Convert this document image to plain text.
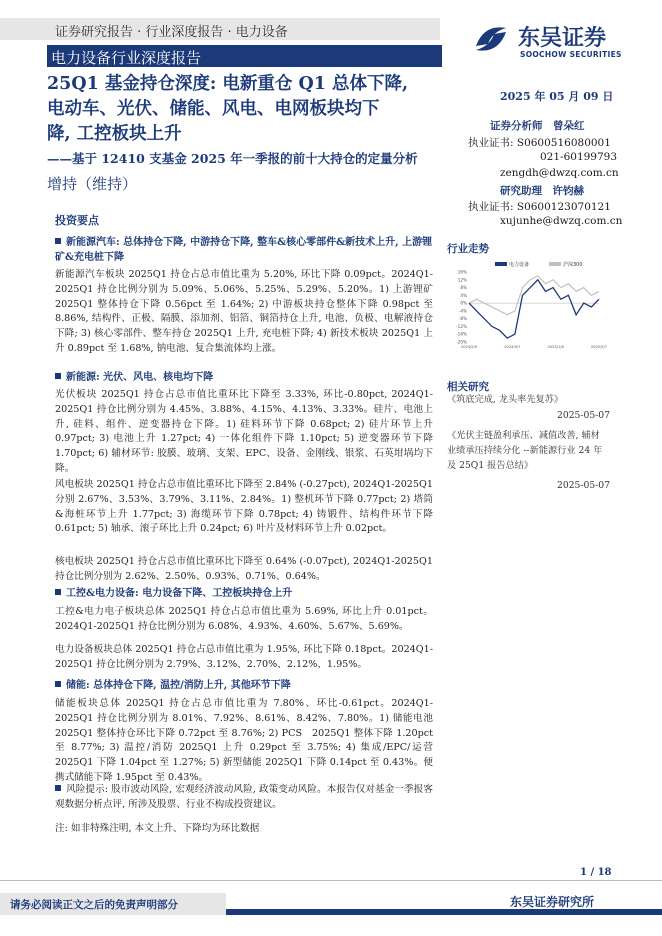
证券研究报告 · 行业深度报告 · 电力设备	东吴证券
SOOCHOW SECURITIES
电力设备行业深度报告
25Q1 基金持仓深度: 电新重仓 Q1 总体下降,
电动车、光伏、储能、风电、电网板块均下
降, 工控板块上升
——基于 12410 支基金 2025 年一季报的前十大持仓的定量分析
增持（维持）
2025 年 05 月 09 日
证券分析师　曾朵红
执业证书: S0600516080001
021-60199793
zengdh@dwzq.com.cn
研究助理　许钧赫
执业证书: S0600123070121
xujunhe@dwzq.com.cn
投资要点
新能源汽车: 总体持仓下降, 中游持仓下降, 整车&核心零部件&新技术上升, 上游锂矿&充电桩下降
新能源汽车板块 2025Q1 持仓占总市值比重为 5.20%, 环比下降 0.09pct。2024Q1-2025Q1 持仓比例分别为 5.09%、5.06%、5.25%、5.29%、5.20%。1) 上游锂矿 2025Q1 整体持仓下降 0.56pct 至 1.64%; 2) 中游板块持仓整体下降 0.98pct 至 8.86%, 结构件、正极、隔膜、添加剂、铝箔、铜箔持仓上升, 电池、负极、电解液持仓下降; 3) 核心零部件、整车持仓 2025Q1 上升, 充电桩下降; 4) 新技术板块 2025Q1 上升 0.89pct 至 1.68%, 钠电池、复合集流体均上涨。
新能源: 光伏、风电、核电均下降
光伏板块 2025Q1 持仓占总市值比重环比下降至 3.33%, 环比-0.80pct, 2024Q1-2025Q1 持仓比例分别为 4.45%、3.88%、4.15%、4.13%、3.33%。硅片、电池上升, 硅料、组件、逆变器持仓下降。1) 硅料环节下降 0.68pct; 2) 硅片环节上升 0.97pct; 3) 电池上升 1.27pct; 4) 一体化组件下降 1.10pct; 5) 逆变器环节下降 1.70pct; 6) 辅材环节: 胶膜、玻璃、支架、EPC、设备、金刚线、银浆、石英坩埚均下降。
风电板块 2025Q1 持仓占总市值比重环比下降至 2.84% (-0.27pct), 2024Q1-2025Q1 分别 2.67%、3.53%、3.79%、3.11%、2.84%。1) 整机环节下降 0.77pct; 2) 塔筒&海桩环节上升 1.77pct; 3) 海缆环节下降 0.78pct; 4) 铸锻件、结构件环节下降 0.61pct; 5) 轴承、滚子环比上升 0.24pct; 6) 叶片及材料环节上升 0.02pct。
核电板块 2025Q1 持仓占总市值比重环比下降至 0.64% (-0.07pct), 2024Q1-2025Q1 持仓比例分别为 2.62%、2.50%、0.93%、0.71%、0.64%。
工控&电力设备: 电力设备下降、工控板块持仓上升
工控&电力电子板块总体 2025Q1 持仓占总市值比重为 5.69%, 环比上升 0.01pct。2024Q1-2025Q1 持仓比例分别为 6.08%、4.93%、4.60%、5.67%、5.69%。
电力设备板块总体 2025Q1 持仓占总市值比重为 1.95%, 环比下降 0.18pct。2024Q1-2025Q1 持仓比例分别为 2.79%、3.12%、2.70%、2.12%、1.95%。
储能: 总体持仓下降, 温控/消防上升, 其他环节下降
储能板块总体 2025Q1 持仓占总市值比重为 7.80%、环比-0.61pct。2024Q1-2025Q1 持仓比例分别为 8.01%、7.92%、8.61%、8.42%、7.80%。1) 储能电池 2025Q1 整体持仓环比下降 0.72pct 至 8.76%; 2) PCS　2025Q1 整体下降 1.20pct 至 8.77%; 3) 温控/消防 2025Q1 上升 0.29pct 至 3.75%; 4) 集成/EPC/运营 2025Q1 下降 1.04pct 至 1.27%; 5) 新型储能 2025Q1 下降 0.14pct 至 0.43%。便携式储能下降 1.95pct 至 0.43%。
风险提示: 股市波动风险, 宏观经济波动风险, 政策变动风险。本报告仅对基金一季报客观数据分析点评, 所涉及股票、行业不构成投资建议。
注: 如非特殊注明, 本文上升、下降均为环比数据
行业走势
电力设备	沪深300
16%
12%
8%
4%
0%
-4%
-8%
-12%
-16%
-20%
2024/5/9	2024/9/7	2025/1/6	2025/5/7
相关研究
《筑底完成, 龙头率先复苏》
2025-05-07
《光伏主链盈利承压、减值改善, 辅材业绩承压持续分化 --新能源行业 24 年及 25Q1 报告总结》
2025-05-07
1 / 18
请务必阅读正文之后的免责声明部分	东吴证券研究所
